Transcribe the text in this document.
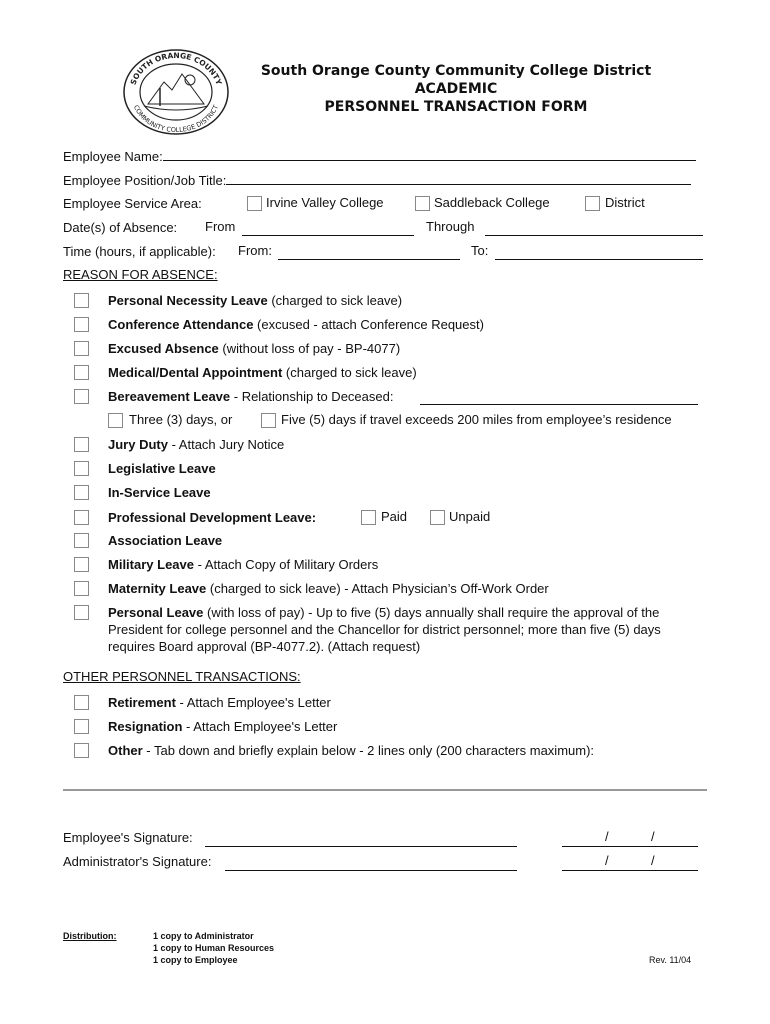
SOUTH ORANGE COUNTY
COMMUNITY COLLEGE DISTRICT
South Orange County Community College District
ACADEMIC
PERSONNEL TRANSACTION FORM
Employee Name:
Employee Position/Job Title:
Employee Service Area:	Irvine Valley College	Saddleback College	District
Date(s) of Absence: From	Through
Time (hours, if applicable): From:	To:
REASON FOR ABSENCE:
Personal Necessity Leave (charged to sick leave)
Conference Attendance (excused - attach Conference Request)
Excused Absence (without loss of pay - BP-4077)
Medical/Dental Appointment (charged to sick leave)
Bereavement Leave - Relationship to Deceased:
Three (3) days, or	Five (5) days if travel exceeds 200 miles from employee’s residence
Jury Duty - Attach Jury Notice
Legislative Leave
In-Service Leave
Professional Development Leave:	Paid	Unpaid
Association Leave
Military Leave - Attach Copy of Military Orders
Maternity Leave (charged to sick leave) - Attach Physician’s Off-Work Order
Personal Leave (with loss of pay) - Up to five (5) days annually shall require the approval of the
President for college personnel and the Chancellor for district personnel; more than five (5) days
requires Board approval (BP-4077.2). (Attach request)
OTHER PERSONNEL TRANSACTIONS:
Retirement - Attach Employee's Letter
Resignation - Attach Employee's Letter
Other - Tab down and briefly explain below - 2 lines only (200 characters maximum):
Employee's Signature:	/	/
Administrator's Signature:	/	/
Distribution:	1 copy to Administrator
1 copy to Human Resources
1 copy to Employee	Rev. 11/04
